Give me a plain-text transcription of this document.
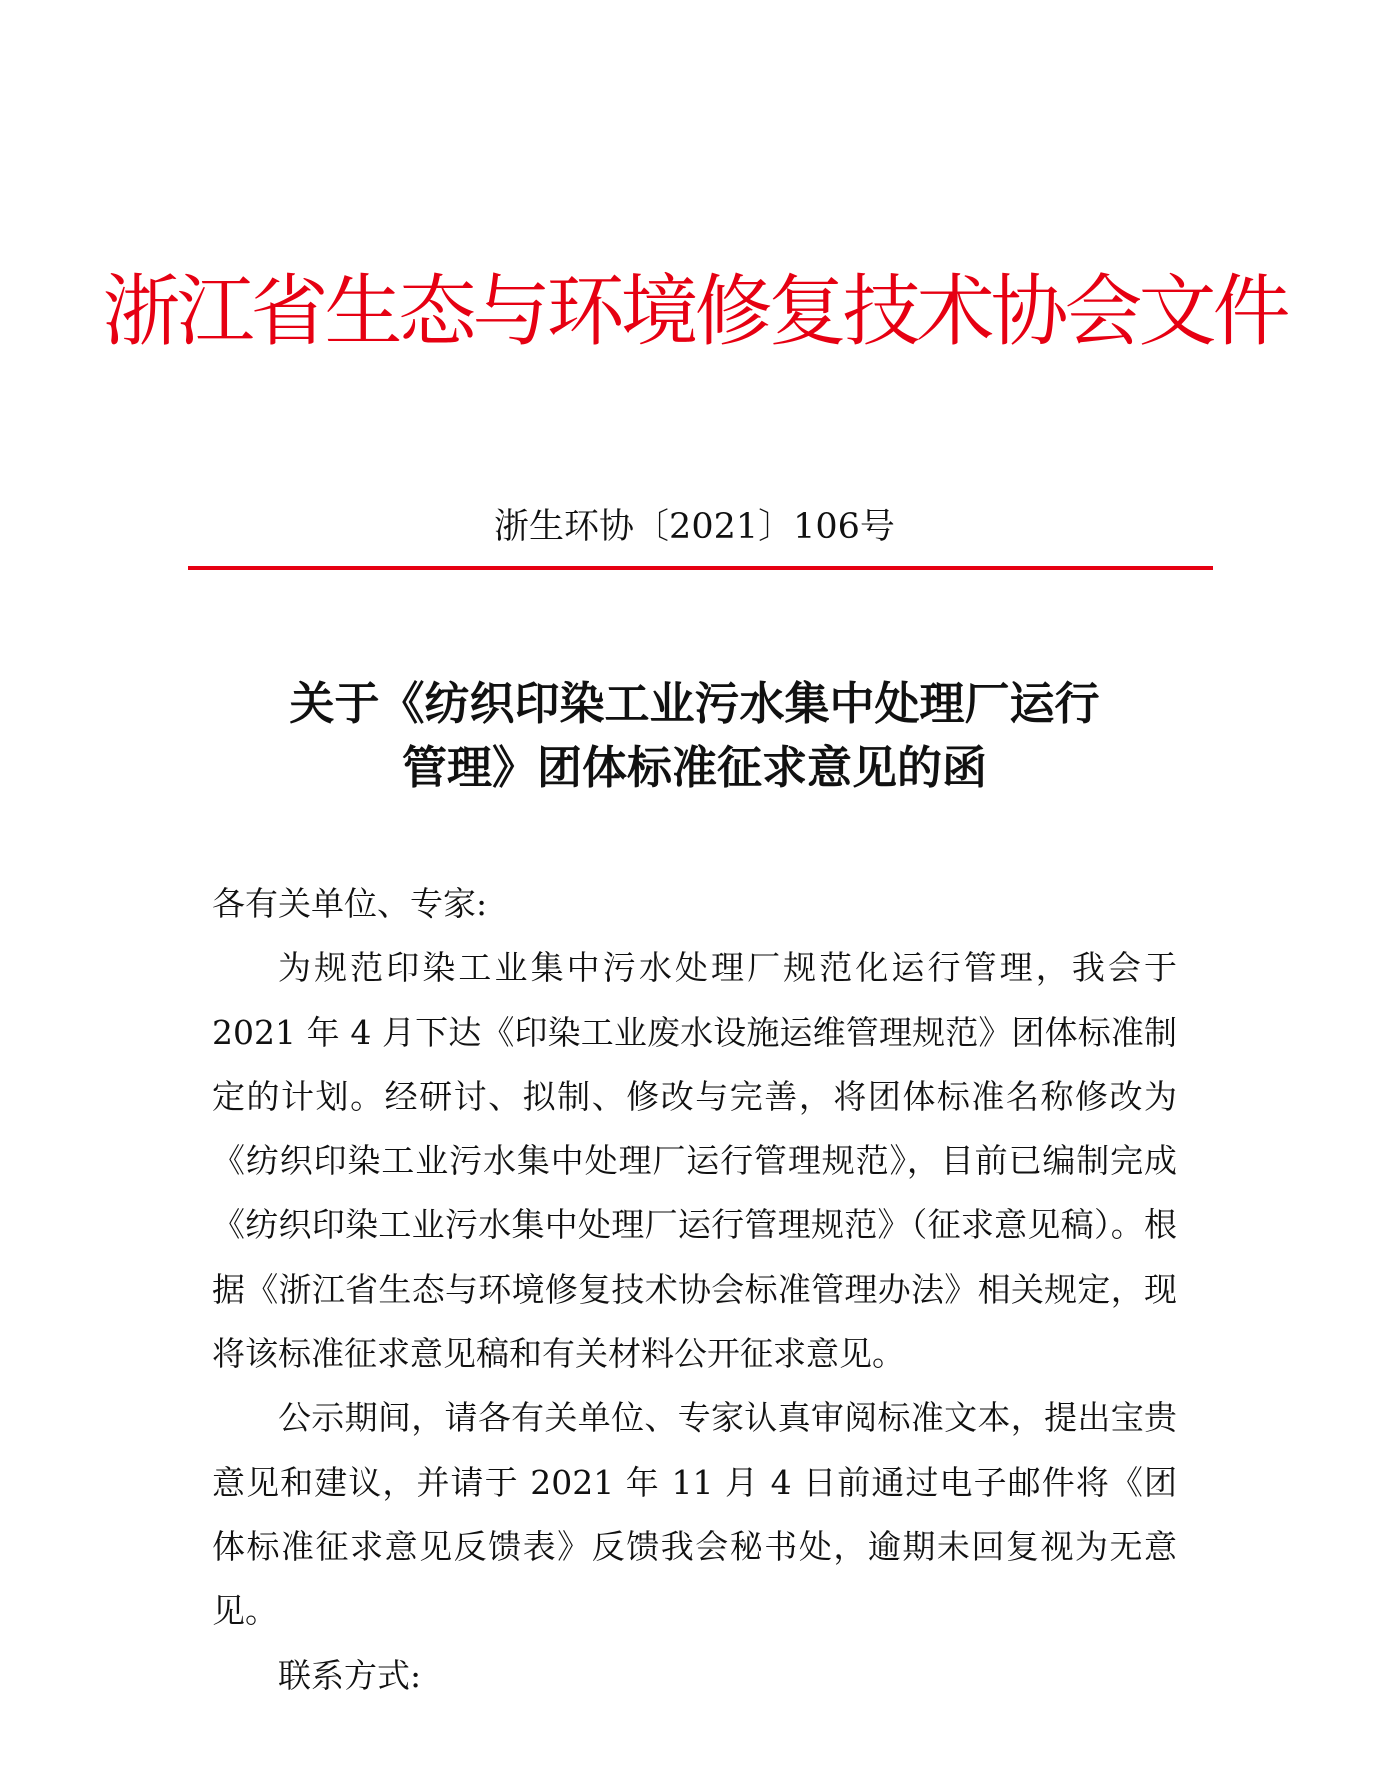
浙江省生态与环境修复技术协会文件
浙生环协〔2021〕106号
关于《纺织印染工业污水集中处理厂运行
管理》团体标准征求意见的函

各有关单位、专家:

为规范印染工业集中污水处理厂规范化运行管理，我会于 2021 年 4 月下达《印染工业废水设施运维管理规范》团体标准制定的计划。经研讨、拟制、修改与完善，将团体标准名称修改为《纺织印染工业污水集中处理厂运行管理规范》，目前已编制完成《纺织印染工业污水集中处理厂运行管理规范》（征求意见稿）。根据《浙江省生态与环境修复技术协会标准管理办法》相关规定，现将该标准征求意见稿和有关材料公开征求意见。

公示期间，请各有关单位、专家认真审阅标准文本，提出宝贵意见和建议，并请于 2021 年 11 月 4 日前通过电子邮件将《团体标准征求意见反馈表》反馈我会秘书处，逾期未回复视为无意见。

联系方式:
